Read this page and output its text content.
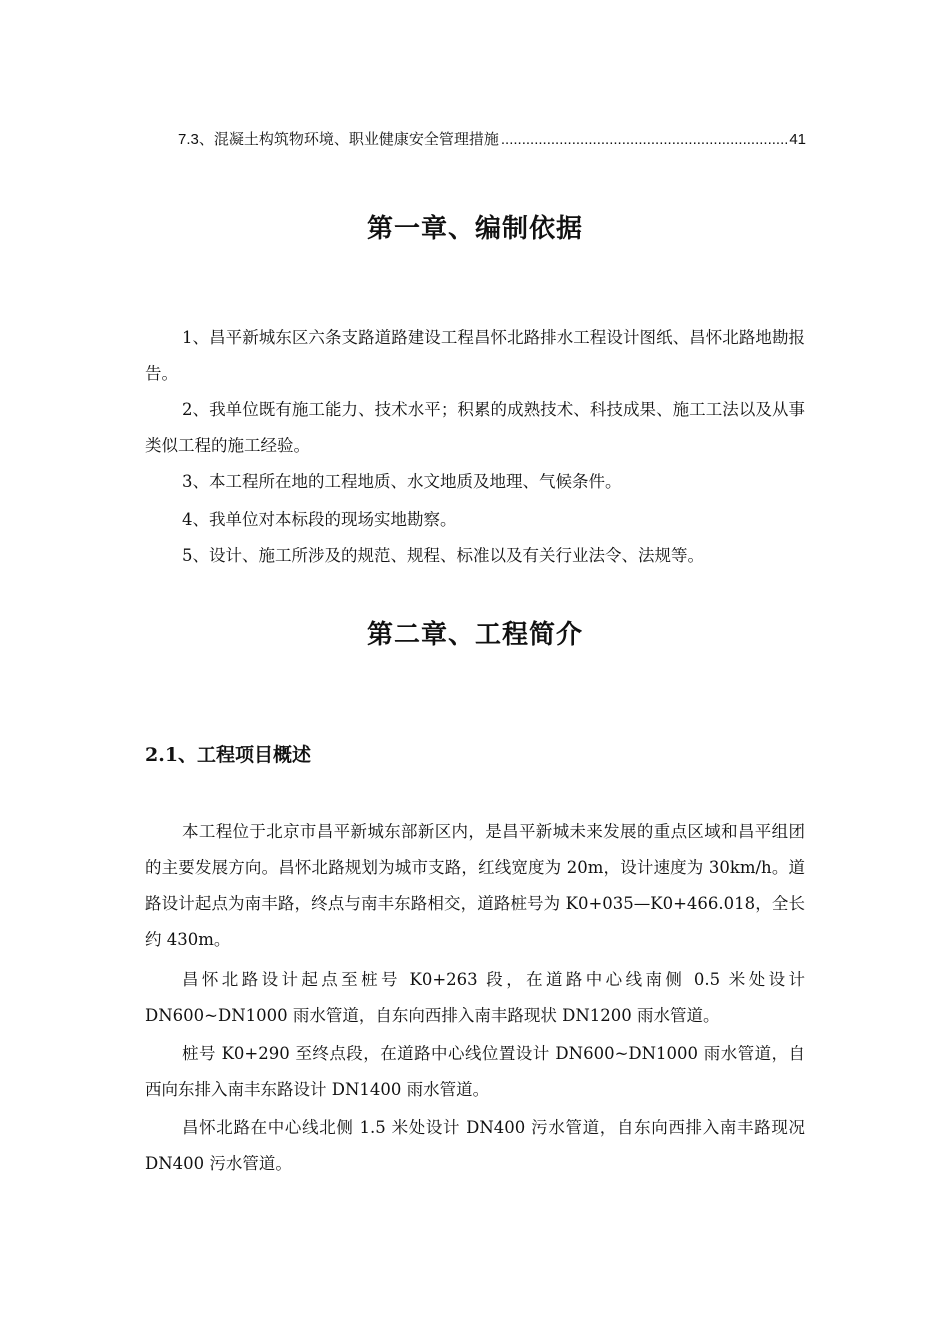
7.3、混凝土构筑物环境、职业健康安全管理措施
.....	41
第一章、编制依据

1、昌平新城东区六条支路道路建设工程昌怀北路排水工程设计图纸、昌怀北路地勘报告。

2、我单位既有施工能力、技术水平；积累的成熟技术、科技成果、施工工法以及从事类似工程的施工经验。

3、本工程所在地的工程地质、水文地质及地理、气候条件。

4、我单位对本标段的现场实地勘察。

5、设计、施工所涉及的规范、规程、标准以及有关行业法令、法规等。

第二章、工程简介
2.1、工程项目概述

本工程位于北京市昌平新城东部新区内，是昌平新城未来发展的重点区域和昌平组团的主要发展方向。昌怀北路规划为城市支路，红线宽度为 20m，设计速度为 30km/h。道路设计起点为南丰路，终点与南丰东路相交，道路桩号为 K0+035—K0+466.018，全长约 430m。

昌怀北路设计起点至桩号 K0+263 段，在道路中心线南侧 0.5 米处设计 DN600~DN1000 雨水管道，自东向西排入南丰路现状 DN1200 雨水管道。

桩号 K0+290 至终点段，在道路中心线位置设计 DN600~DN1000 雨水管道，自西向东排入南丰东路设计 DN1400 雨水管道。

昌怀北路在中心线北侧 1.5 米处设计 DN400 污水管道，自东向西排入南丰路现况 DN400 污水管道。
